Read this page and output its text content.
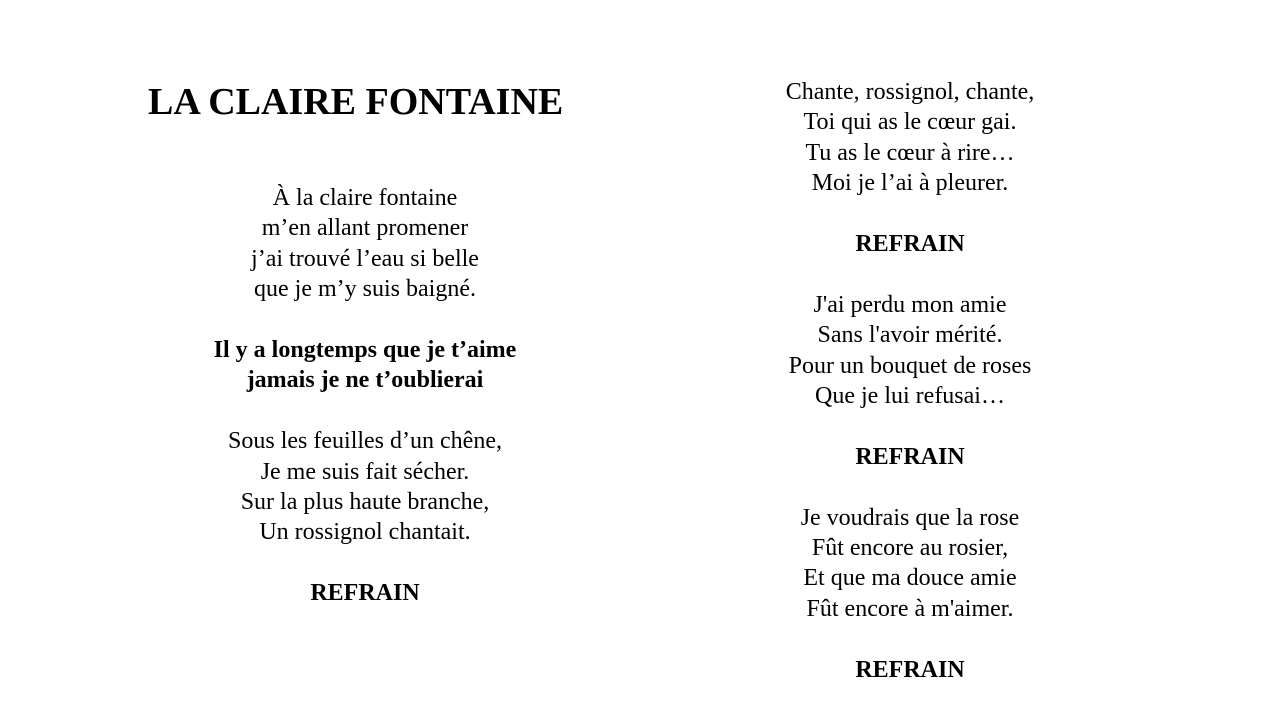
LA CLAIRE FONTAINE

À la claire fontaine
m’en allant promener
j’ai trouvé l’eau si belle
que je m’y suis baigné.

Il y a longtemps que je t’aime
jamais je ne t’oublierai

Sous les feuilles d’un chêne,
Je me suis fait sécher.
Sur la plus haute branche,
Un rossignol chantait.

REFRAIN

Chante, rossignol, chante,
Toi qui as le cœur gai.
Tu as le cœur à rire…
Moi je l’ai à pleurer.

REFRAIN

J'ai perdu mon amie
Sans l'avoir mérité.
Pour un bouquet de roses
Que je lui refusai…

REFRAIN

Je voudrais que la rose
Fût encore au rosier,
Et que ma douce amie
Fût encore à m'aimer.

REFRAIN
